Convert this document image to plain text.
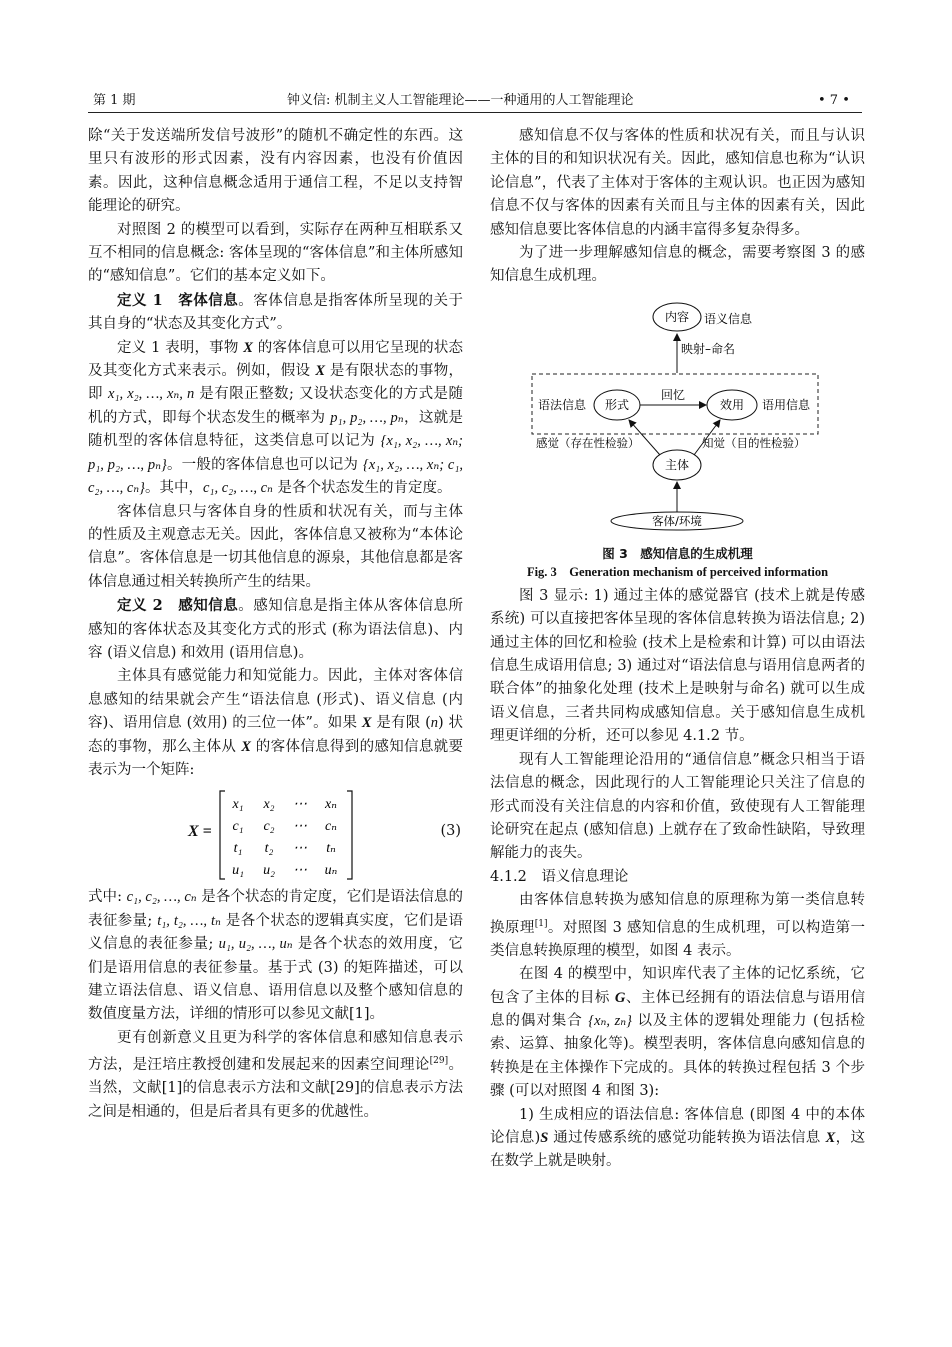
第 1 期	钟义信: 机制主义人工智能理论——一种通用的人工智能理论	• 7 •

除“关于发送端所发信号波形”的随机不确定性的东西。这里只有波形的形式因素，没有内容因素，也没有价值因素。因此，这种信息概念适用于通信工程，不足以支持智能理论的研究。

对照图 2 的模型可以看到，实际存在两种互相联系又互不相同的信息概念: 客体呈现的“客体信息”和主体所感知的“感知信息”。它们的基本定义如下。

定义 1　客体信息。客体信息是指客体所呈现的关于其自身的“状态及其变化方式”。

定义 1 表明，事物 X 的客体信息可以用它呈现的状态及其变化方式来表示。例如，假设 X 是有限状态的事物，即 x₁, x₂, …, xₙ, n 是有限正整数; 又设状态变化的方式是随机的方式，即每个状态发生的概率为 p₁, p₂, …, pₙ，这就是随机型的客体信息特征，这类信息可以记为 {x₁, x₂, …, xₙ; p₁, p₂, …, pₙ}。一般的客体信息也可以记为 {x₁, x₂, …, xₙ; c₁, c₂, …, cₙ}。其中，c₁, c₂, …, cₙ 是各个状态发生的肯定度。

客体信息只与客体自身的性质和状况有关，而与主体的性质及主观意志无关。因此，客体信息又被称为“本体论信息”。客体信息是一切其他信息的源泉，其他信息都是客体信息通过相关转换所产生的结果。

定义 2　感知信息。感知信息是指主体从客体信息所感知的客体状态及其变化方式的形式 (称为语法信息)、内容 (语义信息) 和效用 (语用信息)。

主体具有感觉能力和知觉能力。因此，主体对客体信息感知的结果就会产生“语法信息 (形式)、语义信息 (内容)、语用信息 (效用) 的三位一体”。如果 X 是有限 (n) 状态的事物，那么主体从 X 的客体信息得到的感知信息就要表示为一个矩阵:

X =
x₁ x₂ ⋯ xₙ
c₁ c₂ ⋯ cₙ
t₁ t₂ ⋯ tₙ
u₁ u₂ ⋯ uₙ
(3)

式中: c₁, c₂, …, cₙ 是各个状态的肯定度，它们是语法信息的表征参量; t₁, t₂, …, tₙ 是各个状态的逻辑真实度，它们是语义信息的表征参量; u₁, u₂, …, uₙ 是各个状态的效用度，它们是语用信息的表征参量。基于式 (3) 的矩阵描述，可以建立语法信息、语义信息、语用信息以及整个感知信息的数值度量方法，详细的情形可以参见文献[1]。

更有创新意义且更为科学的客体信息和感知信息表示方法，是汪培庄教授创建和发展起来的因素空间理论[29]。当然，文献[1]的信息表示方法和文献[29]的信息表示方法之间是相通的，但是后者具有更多的优越性。

感知信息不仅与客体的性质和状况有关，而且与认识主体的目的和知识状况有关。因此，感知信息也称为“认识论信息”，代表了主体对于客体的主观认识。也正因为感知信息不仅与客体的因素有关而且与主体的因素有关，因此感知信息要比客体信息的内涵丰富得多复杂得多。

为了进一步理解感知信息的概念，需要考察图 3 的感知信息生成机理。

内容 语义信息
映射–命名
语法信息 形式
回忆
效用 语用信息
主体
感觉（存在性检验）	知觉（目的性检验）
客体/环境
图 3　感知信息的生成机理
Fig. 3　Generation mechanism of perceived information

图 3 显示: 1) 通过主体的感觉器官 (技术上就是传感系统) 可以直接把客体呈现的客体信息转换为语法信息; 2) 通过主体的回忆和检验 (技术上是检索和计算) 可以由语法信息生成语用信息; 3) 通过对“语法信息与语用信息两者的联合体”的抽象化处理 (技术上是映射与命名) 就可以生成语义信息，三者共同构成感知信息。关于感知信息生成机理更详细的分析，还可以参见 4.1.2 节。

现有人工智能理论沿用的“通信信息”概念只相当于语法信息的概念，因此现行的人工智能理论只关注了信息的形式而没有关注信息的内容和价值，致使现有人工智能理论研究在起点 (感知信息) 上就存在了致命性缺陷，导致理解能力的丧失。

4.1.2　语义信息理论

由客体信息转换为感知信息的原理称为第一类信息转换原理[1]。对照图 3 感知信息的生成机理，可以构造第一类信息转换原理的模型，如图 4 表示。

在图 4 的模型中，知识库代表了主体的记忆系统，它包含了主体的目标 G、主体已经拥有的语法信息与语用信息的偶对集合 {xₙ, zₙ} 以及主体的逻辑处理能力 (包括检索、运算、抽象化等)。模型表明，客体信息向感知信息的转换是在主体操作下完成的。具体的转换过程包括 3 个步骤 (可以对照图 4 和图 3):

1) 生成相应的语法信息: 客体信息 (即图 4 中的本体论信息)S 通过传感系统的感觉功能转换为语法信息 X，这在数学上就是映射。
